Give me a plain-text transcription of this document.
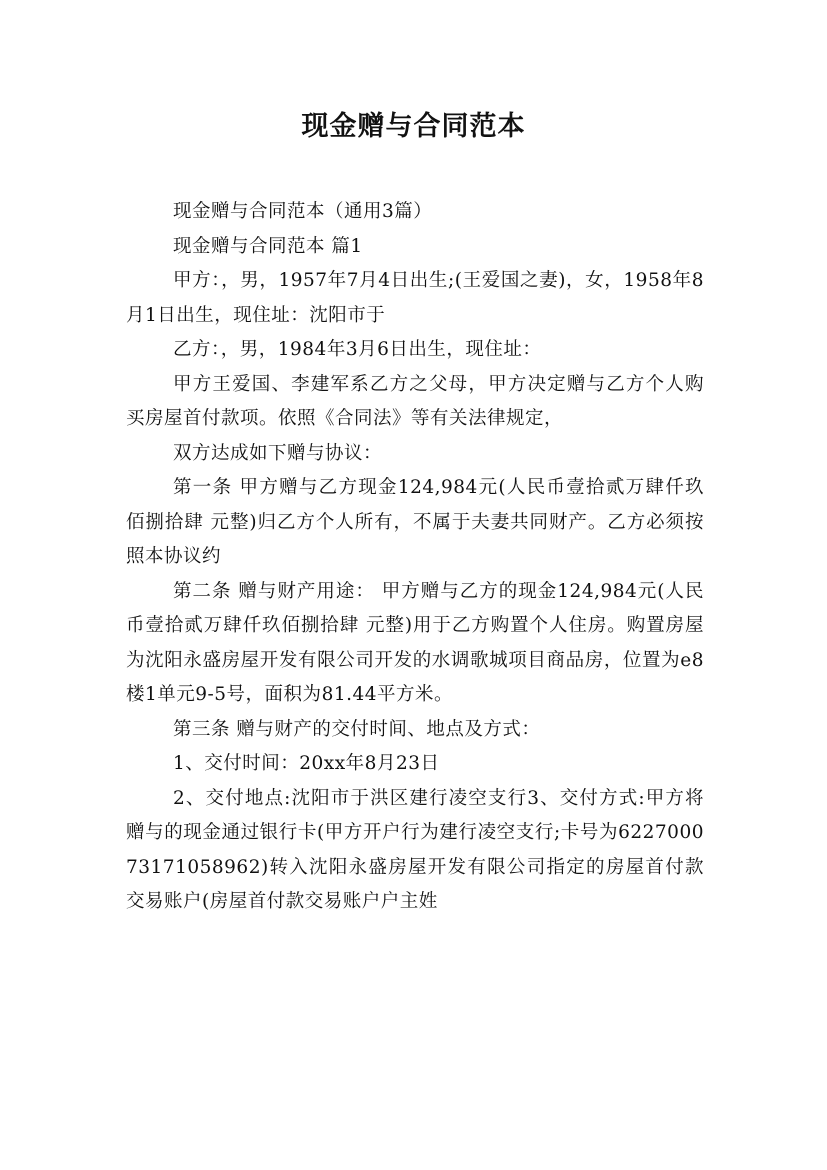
现金赠与合同范本

现金赠与合同范本（通用3篇）

现金赠与合同范本 篇1

甲方：，男，1957年7月4日出生;(王爱国之妻)，女，1958年8月1日出生，现住址：沈阳市于

乙方：，男，1984年3月6日出生，现住址：

甲方王爱国、李建军系乙方之父母，甲方决定赠与乙方个人购买房屋首付款项。依照《合同法》等有关法律规定，

双方达成如下赠与协议：

第一条 甲方赠与乙方现金124,984元(人民币壹拾贰万肆仟玖佰捌拾肆 元整)归乙方个人所有，不属于夫妻共同财产。乙方必须按照本协议约

第二条 赠与财产用途： 甲方赠与乙方的现金124,984元(人民币壹拾贰万肆仟玖佰捌拾肆 元整)用于乙方购置个人住房。购置房屋为沈阳永盛房屋开发有限公司开发的水调歌城项目商品房，位置为e8楼1单元9-5号，面积为81.44平方米。

第三条 赠与财产的交付时间、地点及方式：

1、交付时间：20xx年8月23日

2、交付地点:沈阳市于洪区建行凌空支行3、交付方式:甲方将赠与的现金通过银行卡(甲方开户行为建行凌空支行;卡号为622700073171058962)转入沈阳永盛房屋开发有限公司指定的房屋首付款交易账户(房屋首付款交易账户户主姓
